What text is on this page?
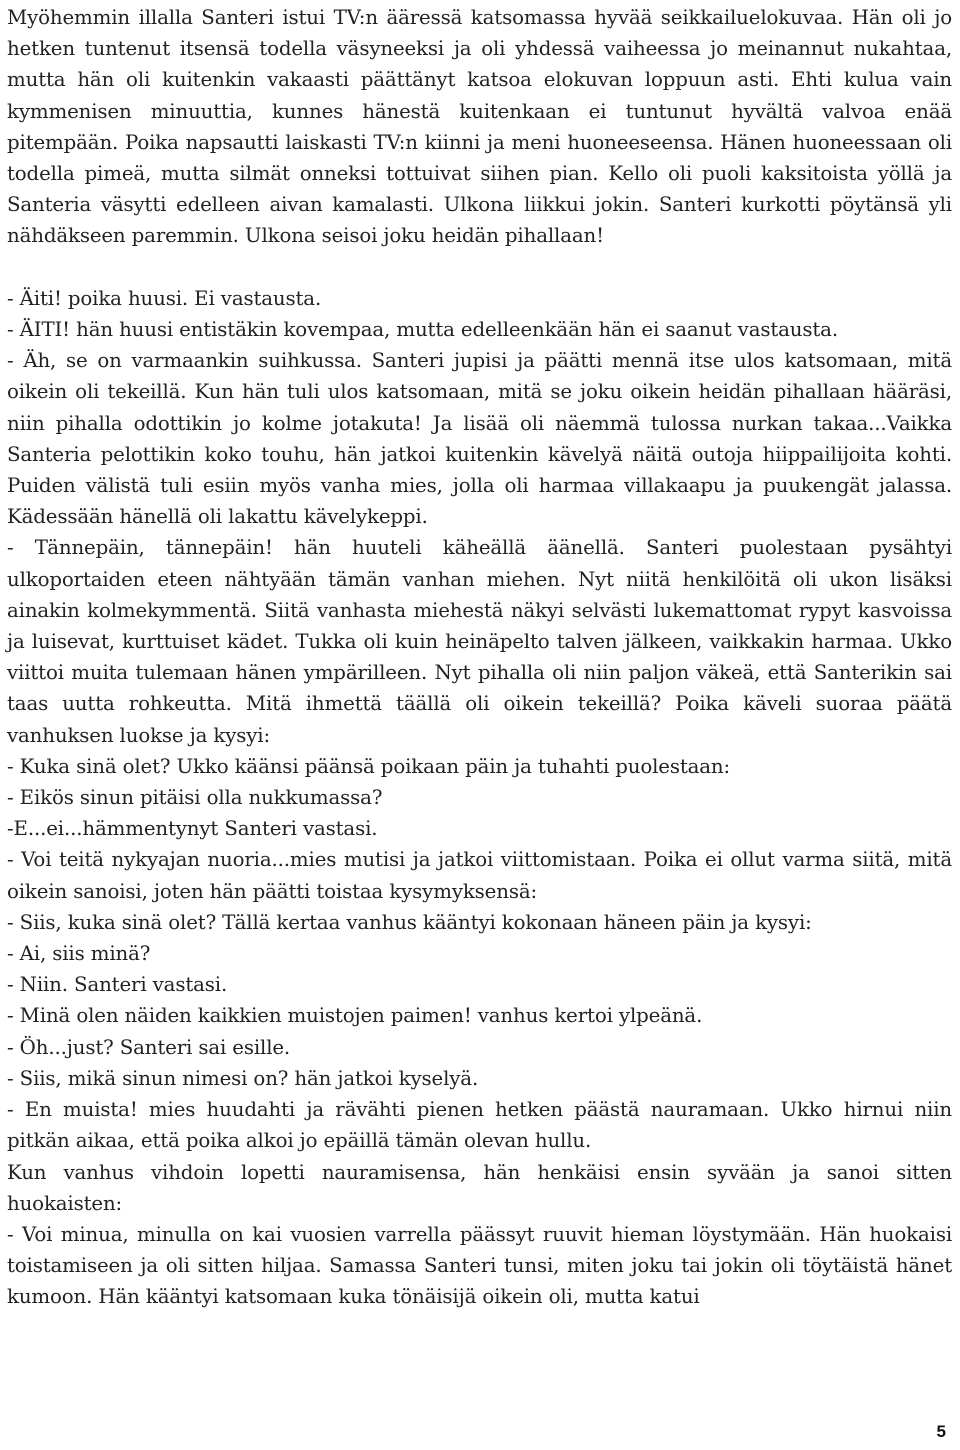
Myöhemmin illalla Santeri istui TV:n ääressä katsomassa hyvää seikkailuelokuvaa. Hän oli jo hetken tuntenut itsensä todella väsyneeksi ja oli yhdessä vaiheessa jo meinannut nukahtaa, mutta hän oli kuitenkin vakaasti päättänyt katsoa elokuvan loppuun asti. Ehti kulua vain kymmenisen minuuttia, kunnes hänestä kuitenkaan ei tuntunut hyvältä valvoa enää pitempään. Poika napsautti laiskasti TV:n kiinni ja meni huoneeseensa. Hänen huoneessaan oli todella pimeä, mutta silmät onneksi tottuivat siihen pian. Kello oli puoli kaksitoista yöllä ja Santeria väsytti edelleen aivan kamalasti. Ulkona liikkui jokin. Santeri kurkotti pöytänsä yli nähdäkseen paremmin. Ulkona seisoi joku heidän pihallaan!

- Äiti! poika huusi. Ei vastausta.

- ÄITI! hän huusi entistäkin kovempaa, mutta edelleenkään hän ei saanut vastausta.

- Äh, se on varmaankin suihkussa. Santeri jupisi ja päätti mennä itse ulos katsomaan, mitä oikein oli tekeillä. Kun hän tuli ulos katsomaan, mitä se joku oikein heidän pihallaan hääräsi, niin pihalla odottikin jo kolme jotakuta! Ja lisää oli näemmä tulossa nurkan takaa...Vaikka Santeria pelottikin koko touhu, hän jatkoi kuitenkin kävelyä näitä outoja hiippailijoita kohti. Puiden välistä tuli esiin myös vanha mies, jolla oli harmaa villakaapu ja puukengät jalassa. Kädessään hänellä oli lakattu kävelykeppi.

- Tännepäin, tännepäin! hän huuteli käheällä äänellä. Santeri puolestaan pysähtyi ulkoportaiden eteen nähtyään tämän vanhan miehen. Nyt niitä henkilöitä oli ukon lisäksi ainakin kolmekymmentä. Siitä vanhasta miehestä näkyi selvästi lukemattomat rypyt kasvoissa ja luisevat, kurttuiset kädet. Tukka oli kuin heinäpelto talven jälkeen, vaikkakin harmaa. Ukko viittoi muita tulemaan hänen ympärilleen. Nyt pihalla oli niin paljon väkeä, että Santerikin sai taas uutta rohkeutta. Mitä ihmettä täällä oli oikein tekeillä? Poika käveli suoraa päätä vanhuksen luokse ja kysyi:

- Kuka sinä olet? Ukko käänsi päänsä poikaan päin ja tuhahti puolestaan:

- Eikös sinun pitäisi olla nukkumassa?

-E...ei...hämmentynyt Santeri vastasi.

- Voi teitä nykyajan nuoria...mies mutisi ja jatkoi viittomistaan. Poika ei ollut varma siitä, mitä oikein sanoisi, joten hän päätti toistaa kysymyksensä:

- Siis, kuka sinä olet? Tällä kertaa vanhus kääntyi kokonaan häneen päin ja kysyi:

- Ai, siis minä?

- Niin. Santeri vastasi.

- Minä olen näiden kaikkien muistojen paimen! vanhus kertoi ylpeänä.

- Öh...just? Santeri sai esille.

- Siis, mikä sinun nimesi on? hän jatkoi kyselyä.

- En muista! mies huudahti ja rävähti pienen hetken päästä nauramaan. Ukko hirnui niin pitkän aikaa, että poika alkoi jo epäillä tämän olevan hullu.

Kun vanhus vihdoin lopetti nauramisensa, hän henkäisi ensin syvään ja sanoi sitten huokaisten:

- Voi minua, minulla on kai vuosien varrella päässyt ruuvit hieman löystymään. Hän huokaisi toistamiseen ja oli sitten hiljaa. Samassa Santeri tunsi, miten joku tai jokin oli töytäistä hänet kumoon. Hän kääntyi katsomaan kuka tönäisijä oikein oli, mutta katui

5
